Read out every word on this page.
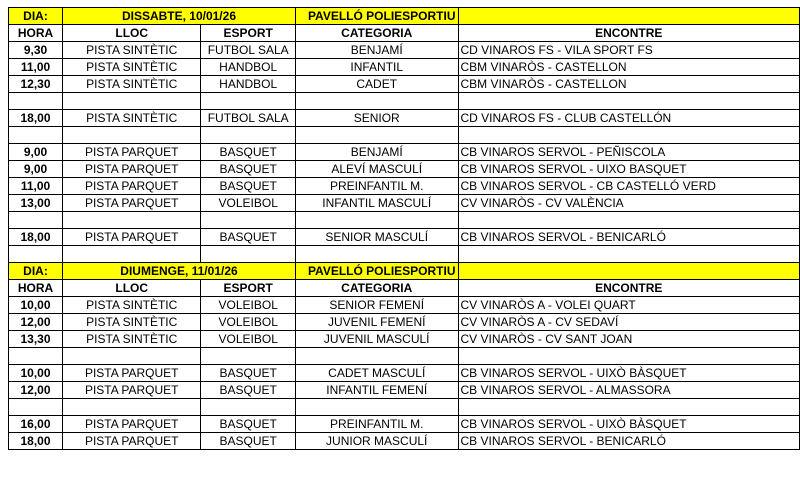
DIA:	DISSABTE, 10/01/26		PAVELLÓ POLIESPORTIU	
HORA	LLOC	ESPORT	CATEGORIA	ENCONTRE
9,30	PISTA SINTÈTIC	FUTBOL SALA	BENJAMÍ	CD VINAROS FS - VILA SPORT FS
11,00	PISTA SINTÈTIC	HANDBOL	INFANTIL	CBM VINARÒS - CASTELLON
12,30	PISTA SINTÈTIC	HANDBOL	CADET	CBM VINARÒS - CASTELLON

18,00	PISTA SINTÈTIC	FUTBOL SALA	SENIOR	CD VINAROS FS - CLUB CASTELLÓN

9,00	PISTA PARQUET	BASQUET	BENJAMÍ	CB VINAROS SERVOL - PEÑISCOLA
9,00	PISTA PARQUET	BASQUET	ALEVÍ MASCULÍ	CB VINAROS SERVOL - UIXO BASQUET
11,00	PISTA PARQUET	BASQUET	PREINFANTIL M.	CB VINAROS SERVOL - CB CASTELLÓ VERD
13,00	PISTA PARQUET	VOLEIBOL	INFANTIL MASCULÍ	CV VINARÒS - CV VALÈNCIA

18,00	PISTA PARQUET	BASQUET	SENIOR MASCULÍ	CB VINAROS SERVOL - BENICARLÓ

DIA:	DIUMENGE, 11/01/26		PAVELLÓ POLIESPORTIU	
HORA	LLOC	ESPORT	CATEGORIA	ENCONTRE
10,00	PISTA SINTÈTIC	VOLEIBOL	SENIOR FEMENÍ	CV VINARÒS A - VOLEI QUART
12,00	PISTA SINTÈTIC	VOLEIBOL	JUVENIL FEMENÍ	CV VINARÒS A - CV SEDAVÍ
13,30	PISTA SINTÈTIC	VOLEIBOL	JUVENIL MASCULÍ	CV VINARÒS - CV SANT JOAN

10,00	PISTA PARQUET	BASQUET	CADET MASCULÍ	CB VINAROS SERVOL - UIXÒ BÀSQUET
12,00	PISTA PARQUET	BASQUET	INFANTIL FEMENÍ	CB VINAROS SERVOL - ALMASSORA

16,00	PISTA PARQUET	BASQUET	PREINFANTIL M.	CB VINAROS SERVOL - UIXÒ BÀSQUET
18,00	PISTA PARQUET	BASQUET	JUNIOR MASCULÍ	CB VINAROS SERVOL - BENICARLÓ
